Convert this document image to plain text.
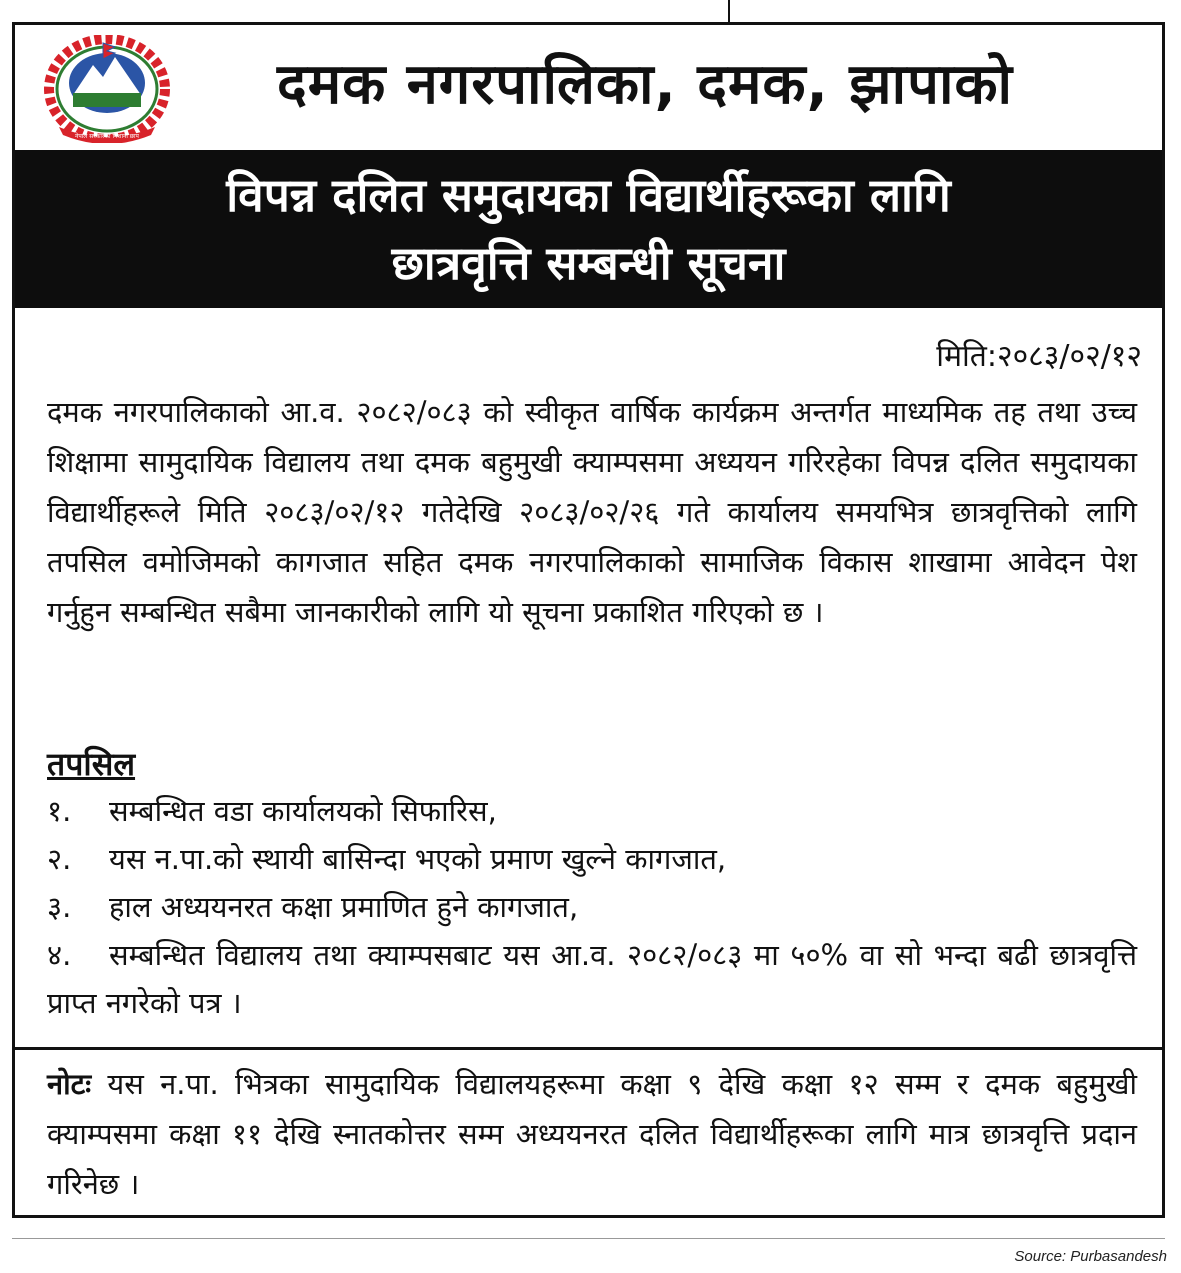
नेपाल सरकारको निशाना छाप
दमक नगरपालिका, दमक, झापाको
विपन्न दलित समुदायका विद्यार्थीहरूका लागि
छात्रवृत्ति सम्बन्धी सूचना
मिति:२०८३/०२/१२
दमक नगरपालिकाको आ.व. २०८२/०८३ को स्वीकृत वार्षिक कार्यक्रम अन्तर्गत माध्यमिक तह तथा उच्च शिक्षामा सामुदायिक विद्यालय तथा दमक बहुमुखी क्याम्पसमा अध्ययन गरिरहेका विपन्न दलित समुदायका विद्यार्थीहरूले मिति २०८३/०२/१२ गतेदेखि २०८३/०२/२६ गते कार्यालय समयभित्र छात्रवृत्तिको लागि तपसिल वमोजिमको कागजात सहित दमक नगरपालिकाको सामाजिक विकास शाखामा आवेदन पेश गर्नुहुन सम्बन्धित सबैमा जानकारीको लागि यो सूचना प्रकाशित गरिएको छ ।
तपसिल
१.	सम्बन्धित वडा कार्यालयको सिफारिस,
२.	यस न.पा.को स्थायी बासिन्दा भएको प्रमाण खुल्ने कागजात,
३.	हाल अध्ययनरत कक्षा प्रमाणित हुने कागजात,
४. सम्बन्धित विद्यालय तथा क्याम्पसबाट यस आ.व. २०८२/०८३ मा ५०% वा सो भन्दा बढी छात्रवृत्ति प्राप्त नगरेको पत्र ।
नोटः यस न.पा. भित्रका सामुदायिक विद्यालयहरूमा कक्षा ९ देखि कक्षा १२ सम्म र दमक बहुमुखी क्याम्पसमा कक्षा ११ देखि स्नातकोत्तर सम्म अध्ययनरत दलित विद्यार्थीहरूका लागि मात्र छात्रवृत्ति प्रदान गरिनेछ ।
Source: Purbasandesh
